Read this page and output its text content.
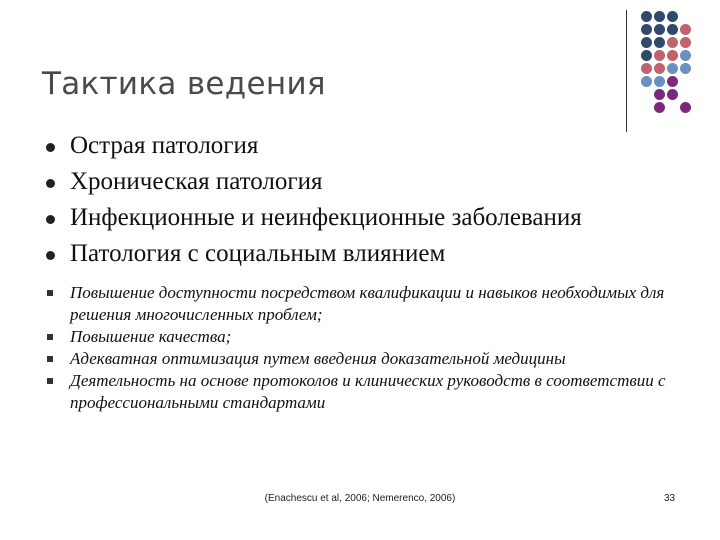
Тактика ведения
Острая патология
Хроническая патология
Инфекционные и неинфекционные заболевания
Патология с социальным влиянием
Повышение доступности посредством квалификации и навыков необходимых для решения многочисленных проблем;
Повышение качества;
Адекватная оптимизация путем введения доказательной медицины
Деятельность на основе протоколов и клинических руководств в соответствии с профессиональными стандартами
(Enachescu et al, 2006; Nemerenco, 2006)	33
